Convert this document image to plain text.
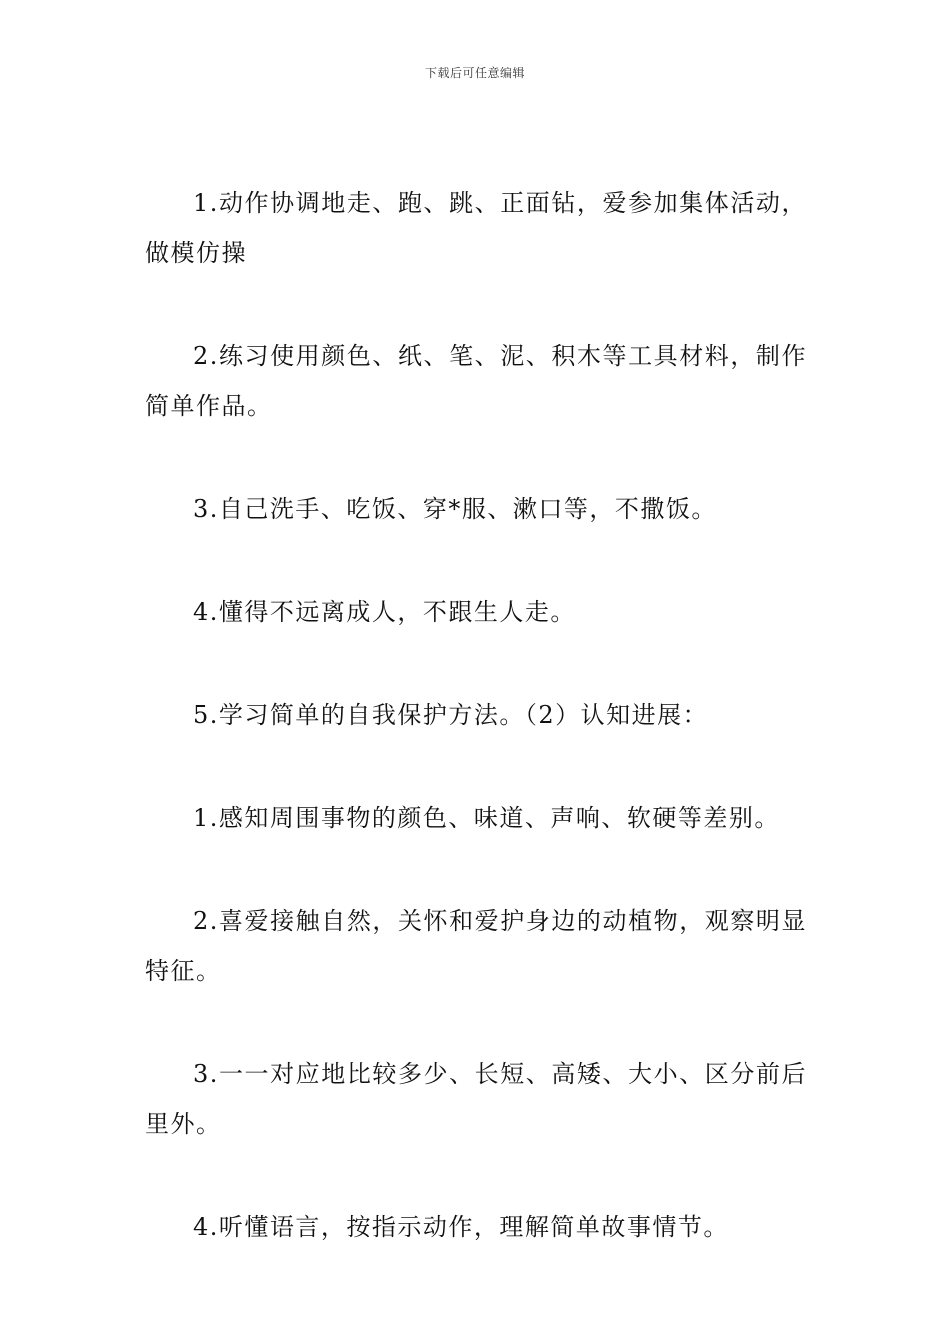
下载后可任意编辑

1.动作协调地走、跑、跳、正面钻，爱参加集体活动，做模仿操

2.练习使用颜色、纸、笔、泥、积木等工具材料，制作简单作品。

3.自己洗手、吃饭、穿*服、漱口等，不撒饭。

4.懂得不远离成人，不跟生人走。

5.学习简单的自我保护方法。（2）认知进展：

1.感知周围事物的颜色、味道、声响、软硬等差别。

2.喜爱接触自然，关怀和爱护身边的动植物，观察明显特征。

3.一一对应地比较多少、长短、高矮、大小、区分前后里外。

4.听懂语言，按指示动作，理解简单故事情节。
